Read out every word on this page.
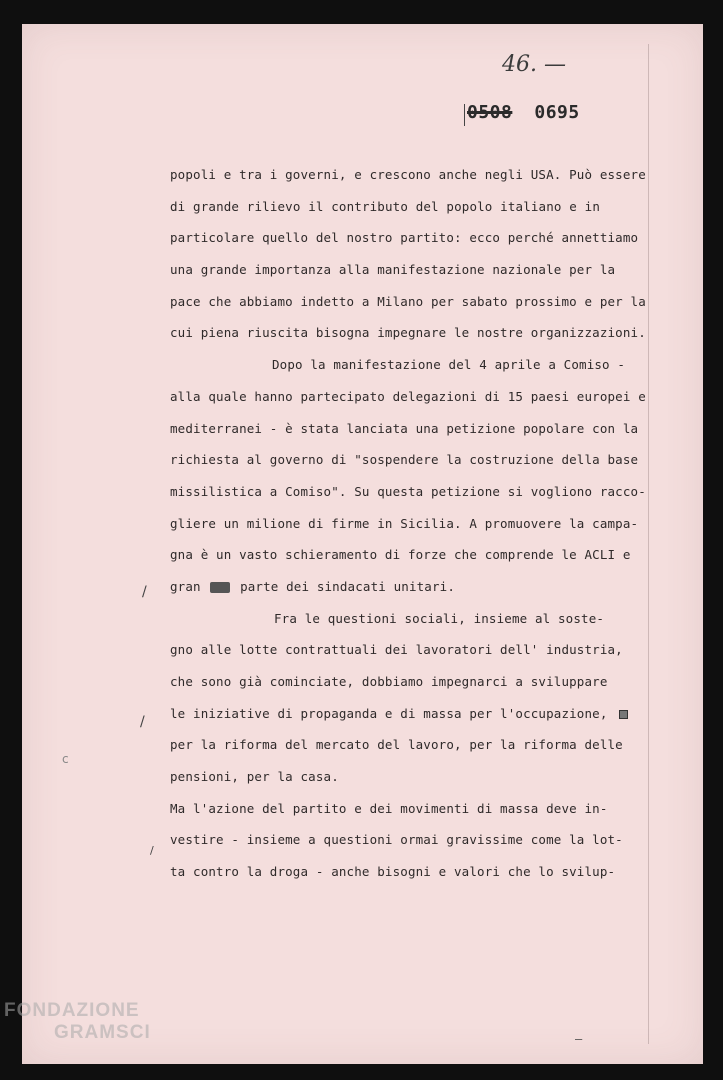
46. —
0508 0695
popoli e tra i governi, e crescono anche negli USA. Può essere
di grande rilievo il contributo del popolo italiano e in
particolare quello del nostro partito: ecco perché annettiamo
una grande importanza alla manifestazione nazionale per la
pace che abbiamo indetto a Milano per sabato prossimo e per la
cui piena riuscita bisogna impegnare le nostre organizzazioni.
Dopo la manifestazione del 4 aprile a Comiso -
alla quale hanno partecipato delegazioni di 15 paesi europei e
mediterranei - è stata lanciata una petizione popolare con la
richiesta al governo di "sospendere la costruzione della base
missilistica a Comiso". Su questa petizione si vogliono racco-
gliere un milione di firme in Sicilia. A promuovere la campa-
gna è un vasto schieramento di forze che comprende le ACLI e
gran	parte dei sindacati unitari.
Fra le questioni sociali, insieme al soste-
gno alle lotte contrattuali dei lavoratori dell' industria,
che sono già cominciate, dobbiamo impegnarci a sviluppare
le iniziative di propaganda e di massa per l'occupazione,
per la riforma del mercato del lavoro, per la riforma delle
pensioni, per la casa.
Ma l'azione del partito e dei movimenti di massa deve in-
vestire - insieme a questioni ormai gravissime come la lot-
ta contro la droga - anche bisogni e valori che lo svilup-
/
/
c
/
—
FONDAZIONE
GRAMSCI
